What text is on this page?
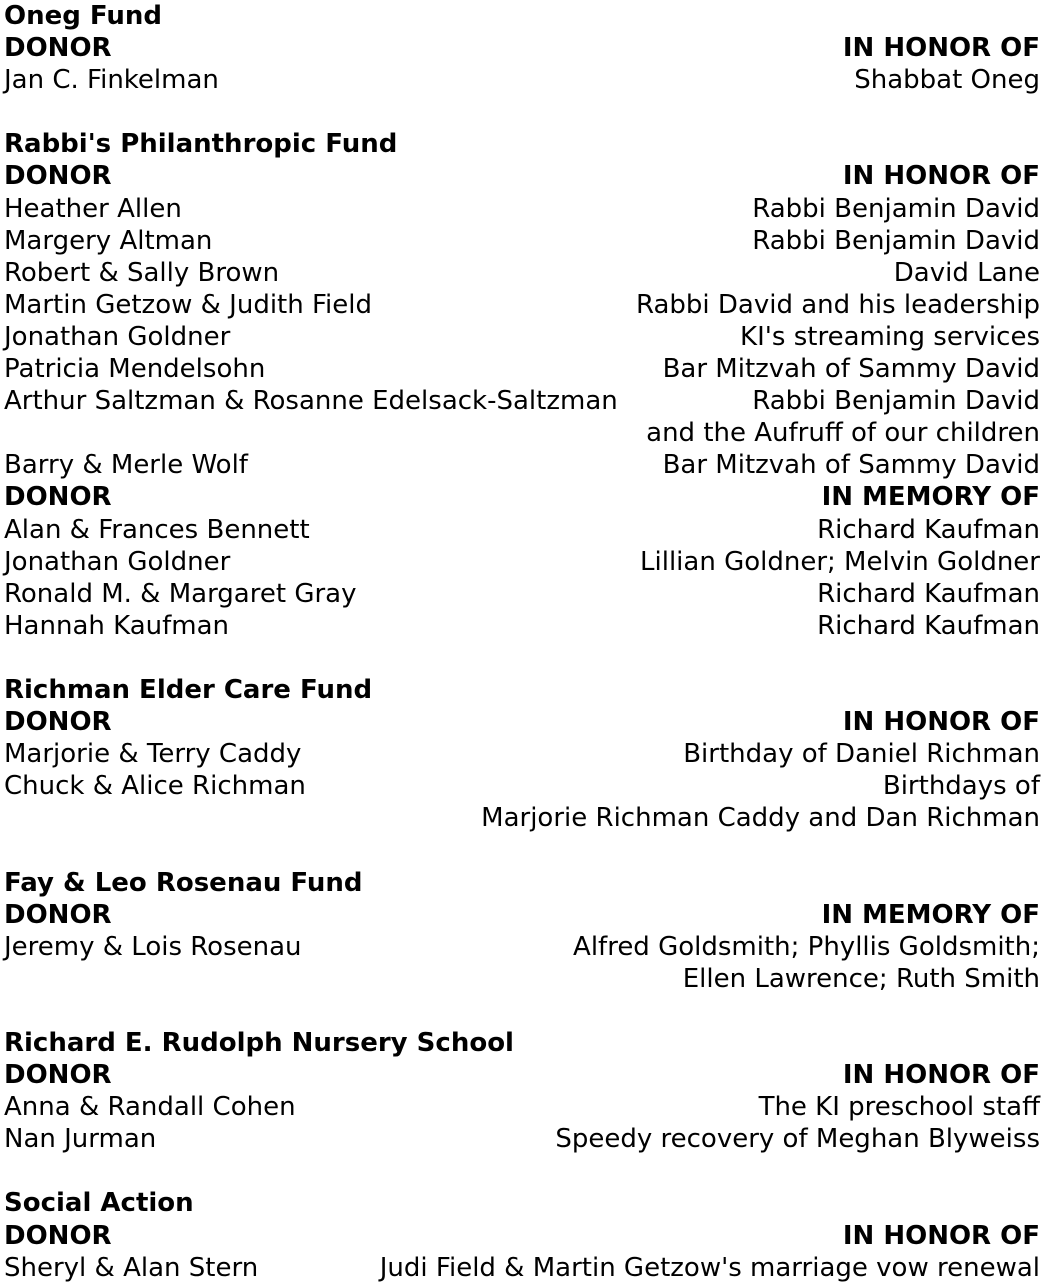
Oneg Fund
DONOR	IN HONOR OF
Jan C. Finkelman	Shabbat Oneg
Rabbi's Philanthropic Fund
DONOR	IN HONOR OF
Heather Allen	Rabbi Benjamin David
Margery Altman	Rabbi Benjamin David
Robert & Sally Brown	David Lane
Martin Getzow & Judith Field	Rabbi David and his leadership
Jonathan Goldner	KI's streaming services
Patricia Mendelsohn	Bar Mitzvah of Sammy David
Arthur Saltzman & Rosanne Edelsack-Saltzman	Rabbi Benjamin David
and the Aufruff of our children
Barry & Merle Wolf	Bar Mitzvah of Sammy David
DONOR	IN MEMORY OF
Alan & Frances Bennett	Richard Kaufman
Jonathan Goldner	Lillian Goldner; Melvin Goldner
Ronald M. & Margaret Gray	Richard Kaufman
Hannah Kaufman	Richard Kaufman
Richman Elder Care Fund
DONOR	IN HONOR OF
Marjorie & Terry Caddy	Birthday of Daniel Richman
Chuck & Alice Richman	Birthdays of
Marjorie Richman Caddy and Dan Richman
Fay & Leo Rosenau Fund
DONOR	IN MEMORY OF
Jeremy & Lois Rosenau	Alfred Goldsmith; Phyllis Goldsmith;
Ellen Lawrence; Ruth Smith
Richard E. Rudolph Nursery School
DONOR	IN HONOR OF
Anna & Randall Cohen	The KI preschool staff
Nan Jurman	Speedy recovery of Meghan Blyweiss
Social Action
DONOR	IN HONOR OF
Sheryl & Alan Stern	Judi Field & Martin Getzow's marriage vow renewal
